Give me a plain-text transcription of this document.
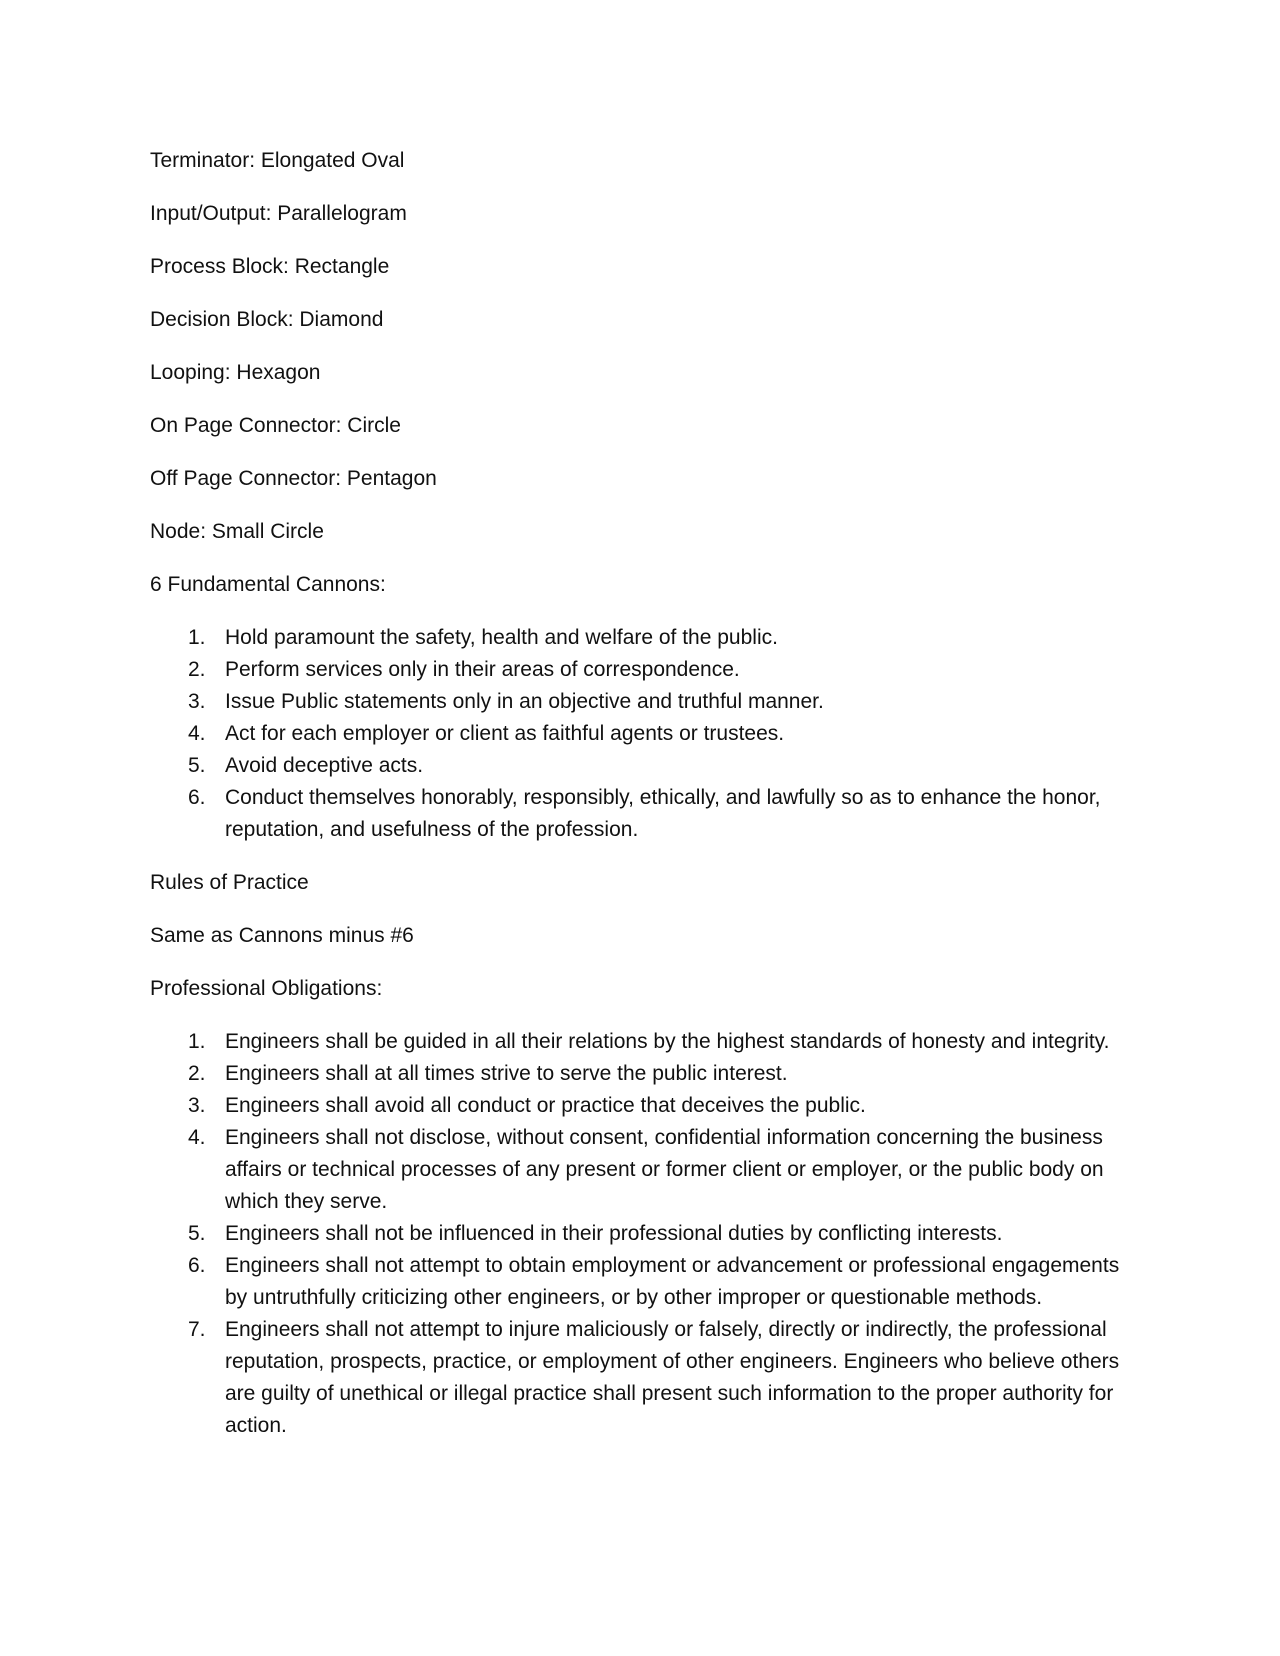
Terminator: Elongated Oval

Input/Output: Parallelogram

Process Block: Rectangle

Decision Block: Diamond

Looping: Hexagon

On Page Connector: Circle

Off Page Connector: Pentagon

Node: Small Circle

6 Fundamental Cannons:

1. Hold paramount the safety, health and welfare of the public.
2. Perform services only in their areas of correspondence.
3. Issue Public statements only in an objective and truthful manner.
4. Act for each employer or client as faithful agents or trustees.
5. Avoid deceptive acts.
6. Conduct themselves honorably, responsibly, ethically, and lawfully so as to enhance the honor, reputation, and usefulness of the profession.

Rules of Practice

Same as Cannons minus #6

Professional Obligations:

1. Engineers shall be guided in all their relations by the highest standards of honesty and integrity.
2. Engineers shall at all times strive to serve the public interest.
3. Engineers shall avoid all conduct or practice that deceives the public.
4. Engineers shall not disclose, without consent, confidential information concerning the business affairs or technical processes of any present or former client or employer, or the public body on which they serve.
5. Engineers shall not be influenced in their professional duties by conflicting interests.
6. Engineers shall not attempt to obtain employment or advancement or professional engagements by untruthfully criticizing other engineers, or by other improper or questionable methods.
7. Engineers shall not attempt to injure maliciously or falsely, directly or indirectly, the professional reputation, prospects, practice, or employment of other engineers. Engineers who believe others are guilty of unethical or illegal practice shall present such information to the proper authority for action.
